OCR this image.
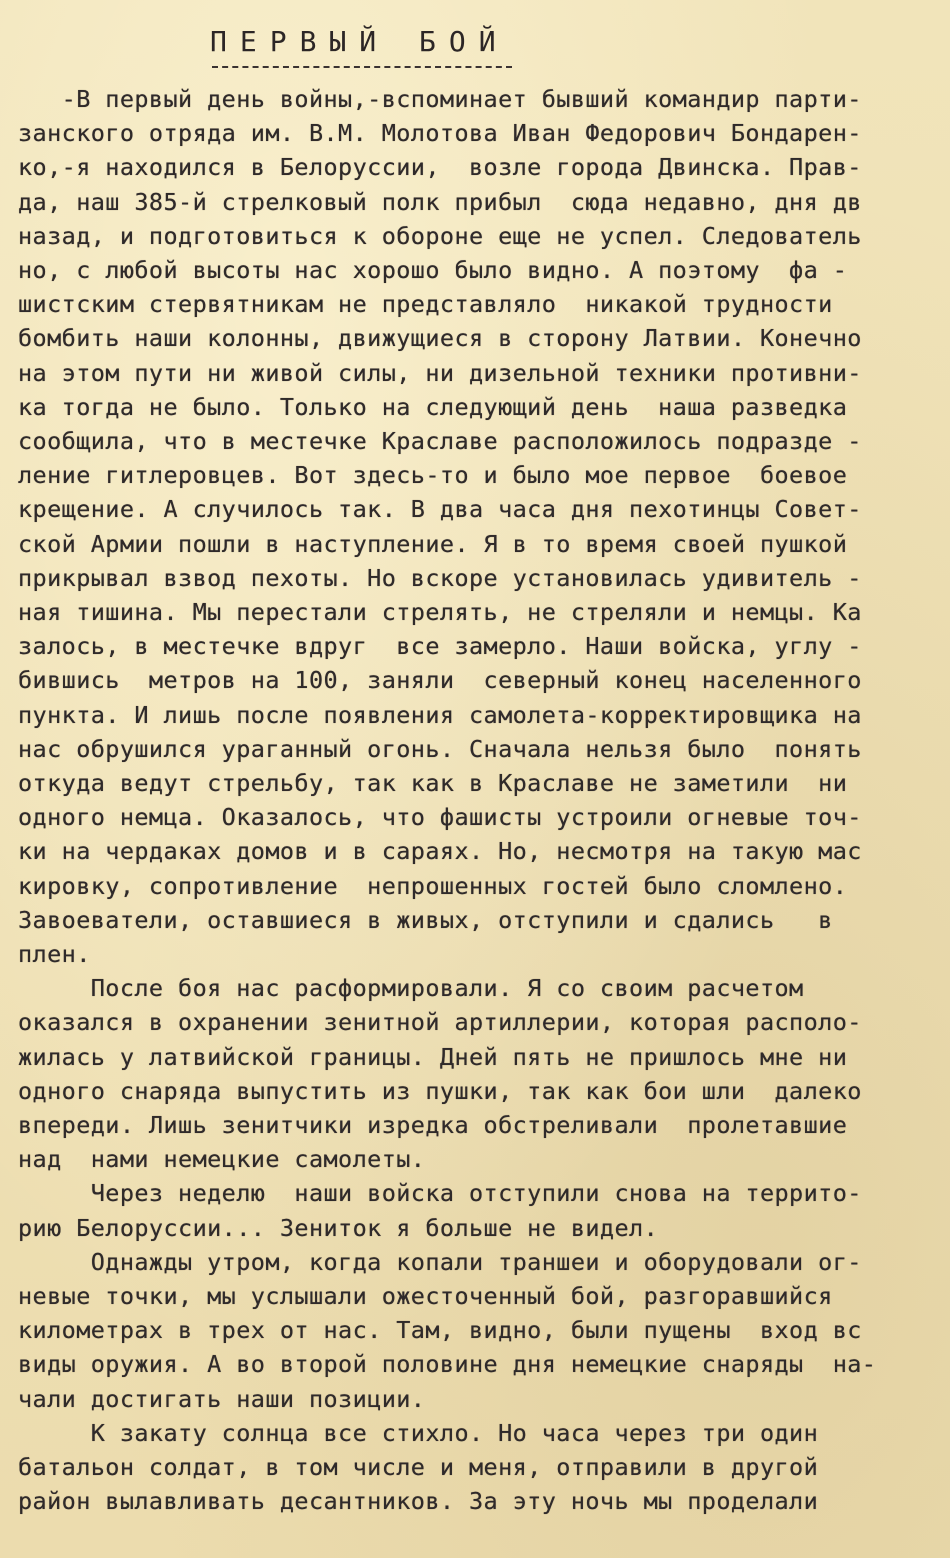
ПЕРВЫЙ БОЙ
-В первый день войны,-вспоминает бывший командир парти-
занского отряда им. В.М. Молотова Иван Федорович Бондарен-
ко,-я находился в Белоруссии,  возле города Двинска. Прав-
да, наш 385-й стрелковый полк прибыл  сюда недавно, дня дв
назад, и подготовиться к обороне еще не успел. Следователь
но, с любой высоты нас хорошо было видно. А поэтому  фа -
шистским стервятникам не представляло  никакой трудности
бомбить наши колонны, движущиеся в сторону Латвии. Конечно
на этом пути ни живой силы, ни дизельной техники противни-
ка тогда не было. Только на следующий день  наша разведка
сообщила, что в местечке Краславе расположилось подразде -
ление гитлеровцев. Вот здесь-то и было мое первое  боевое
крещение. А случилось так. В два часа дня пехотинцы Совет-
ской Армии пошли в наступление. Я в то время своей пушкой
прикрывал взвод пехоты. Но вскоре установилась удивитель -
ная тишина. Мы перестали стрелять, не стреляли и немцы. Ка
залось, в местечке вдруг  все замерло. Наши войска, углу -
бившись  метров на 100, заняли  северный конец населенного
пункта. И лишь после появления самолета-корректировщика на
нас обрушился ураганный огонь. Сначала нельзя было  понять
откуда ведут стрельбу, так как в Краславе не заметили  ни
одного немца. Оказалось, что фашисты устроили огневые точ-
ки на чердаках домов и в сараях. Но, несмотря на такую мас
кировку, сопротивление  непрошенных гостей было сломлено.
Завоеватели, оставшиеся в живых, отступили и сдались   в
плен.
После боя нас расформировали. Я со своим расчетом
оказался в охранении зенитной артиллерии, которая располо-
жилась у латвийской границы. Дней пять не пришлось мне ни
одного снаряда выпустить из пушки, так как бои шли  далеко
впереди. Лишь зенитчики изредка обстреливали  пролетавшие
над  нами немецкие самолеты.
Через неделю  наши войска отступили снова на террито-
рию Белоруссии... Зениток я больше не видел.
Однажды утром, когда копали траншеи и оборудовали ог-
невые точки, мы услышали ожесточенный бой, разгоравшийся
километрах в трех от нас. Там, видно, были пущены  вход вс
виды оружия. А во второй половине дня немецкие снаряды  на-
чали достигать наши позиции.
К закату солнца все стихло. Но часа через три один
батальон солдат, в том числе и меня, отправили в другой
район вылавливать десантников. За эту ночь мы проделали
